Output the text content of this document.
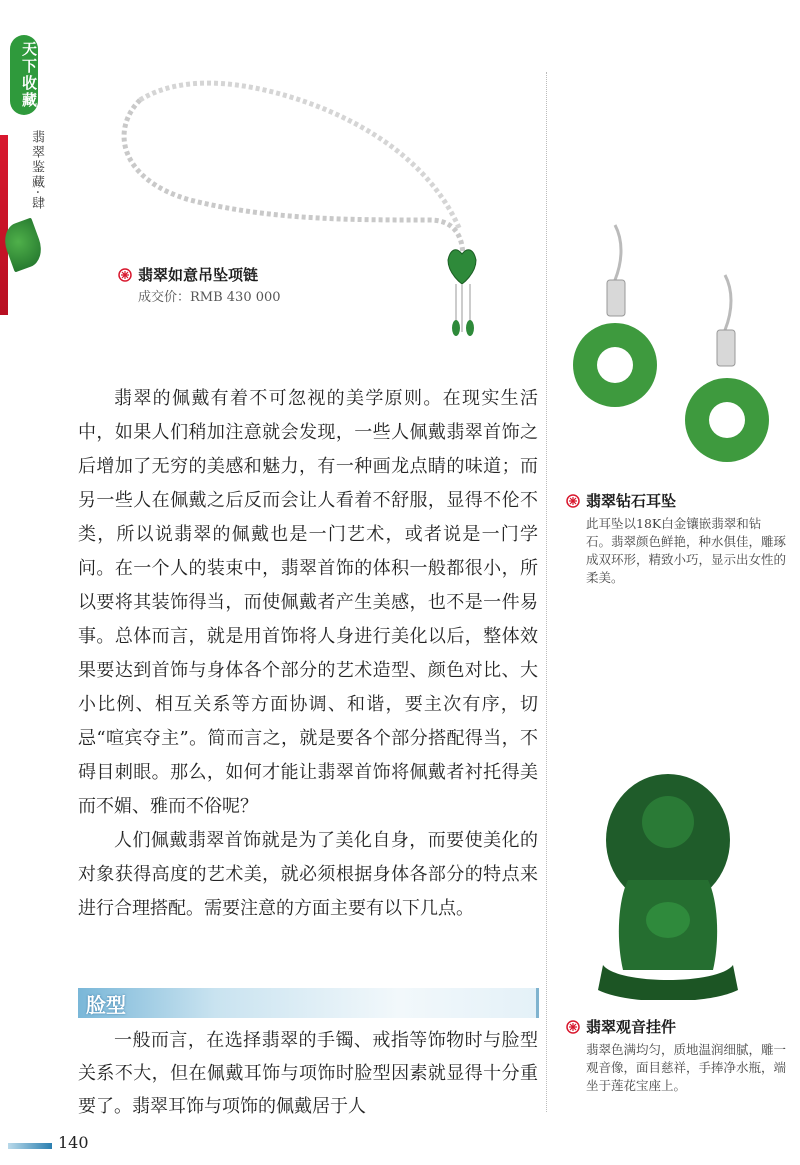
天下收藏
翡翠鉴藏·肆
翡翠如意吊坠项链
成交价：RMB 430 000
翡翠钻石耳坠
此耳坠以18K白金镶嵌翡翠和钻石。翡翠颜色鲜艳，种水俱佳，雕琢成双环形，精致小巧，显示出女性的柔美。
翡翠观音挂件
翡翠色满均匀，质地温润细腻，雕一观音像，面目慈祥，手捧净水瓶，端坐于莲花宝座上。

翡翠的佩戴有着不可忽视的美学原则。在现实生活中，如果人们稍加注意就会发现，一些人佩戴翡翠首饰之后增加了无穷的美感和魅力，有一种画龙点睛的味道；而另一些人在佩戴之后反而会让人看着不舒服，显得不伦不类，所以说翡翠的佩戴也是一门艺术，或者说是一门学问。在一个人的装束中，翡翠首饰的体积一般都很小，所以要将其装饰得当，而使佩戴者产生美感，也不是一件易事。总体而言，就是用首饰将人身进行美化以后，整体效果要达到首饰与身体各个部分的艺术造型、颜色对比、大小比例、相互关系等方面协调、和谐，要主次有序，切忌“喧宾夺主”。简而言之，就是要各个部分搭配得当，不碍目刺眼。那么，如何才能让翡翠首饰将佩戴者衬托得美而不媚、雅而不俗呢？

人们佩戴翡翠首饰就是为了美化自身，而要使美化的对象获得高度的艺术美，就必须根据身体各部分的特点来进行合理搭配。需要注意的方面主要有以下几点。

脸型

一般而言，在选择翡翠的手镯、戒指等饰物时与脸型关系不大，但在佩戴耳饰与项饰时脸型因素就显得十分重要了。翡翠耳饰与项饰的佩戴居于人

140
